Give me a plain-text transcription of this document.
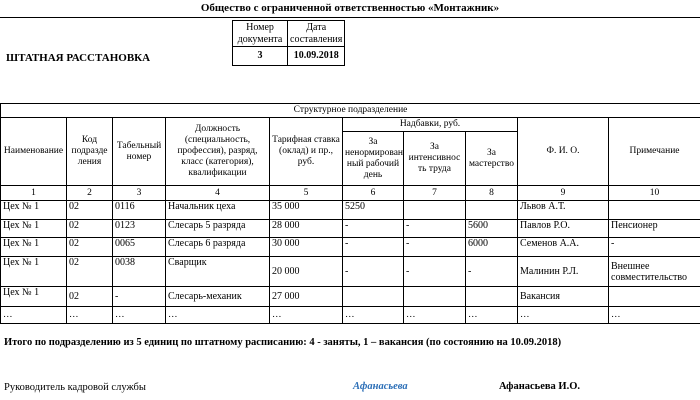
Общество с ограниченной ответственностью «Монтажник»
ШТАТНАЯ РАССТАНОВКА
Номер документа	Дата составления
3	10.09.2018
Структурное подразделение									
Наименование	Код подразде ления	Табельный номер	Должность (специальность, профессия), разряд, класс (категория), квалификации	Тарифная ставка (оклад) и пр., руб.	Надбавки, руб.			Ф. И. О.	Примечание
					За ненормирован ный рабочий день	За интенсивнос ть труда	За мастерство		
1	2	3	4	5	6	7	8	9	10
Цех № 1	02	0116	Начальник цеха	35 000	5250			Львов А.Т.	
Цех № 1	02	0123	Слесарь 5 разряда	28 000	-	-	5600	Павлов Р.О.	Пенсионер
Цех № 1	02	0065	Слесарь 6 разряда	30 000	-	-	6000	Семенов А.А.	-
Цех № 1	02	0038	Сварщик	20 000	-	-	-	Малинин Р.Л.	Внешнее совместительство
Цех № 1	02	-	Слесарь-механик	27 000				Вакансия	
…	…	…	…	…	…	…	…	…	…
Итого по подразделению из 5 единиц по штатному расписанию: 4 - заняты, 1 – вакансия (по состоянию на 10.09.2018)
Руководитель кадровой службы	Афанасьева	Афанасьева И.О.
